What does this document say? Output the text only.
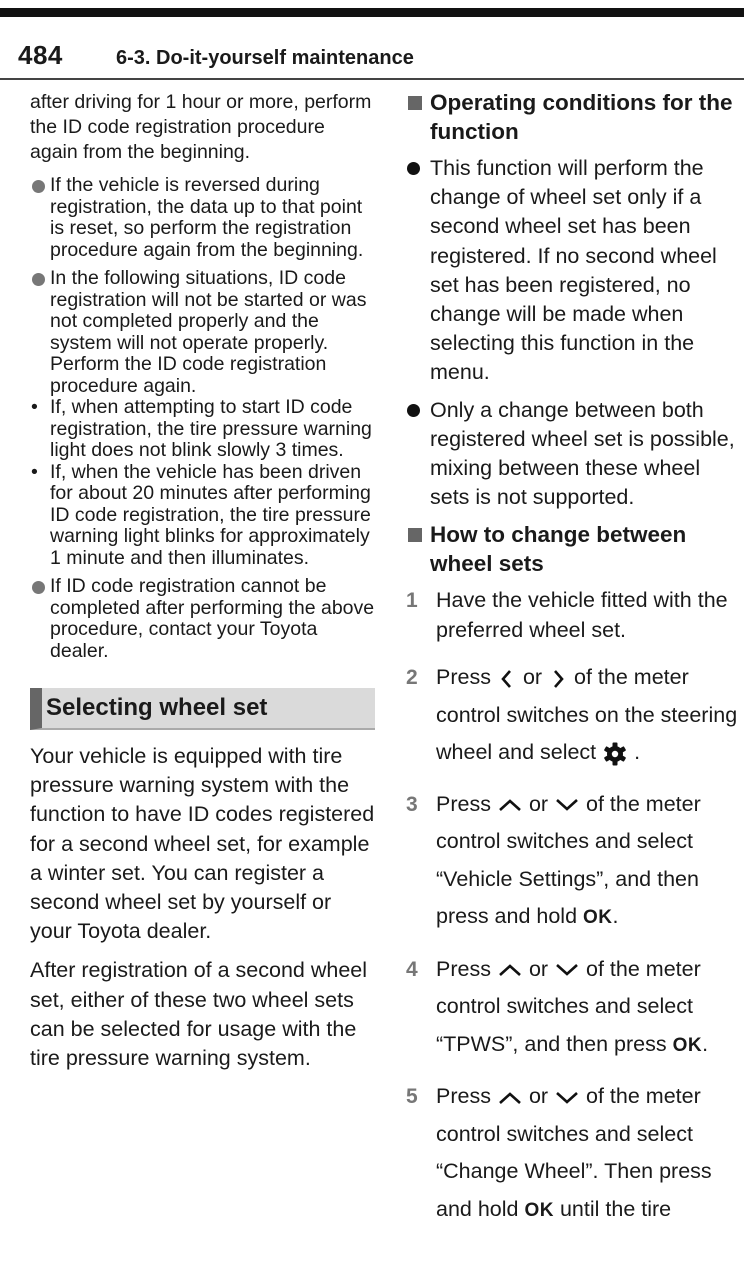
484	6-3. Do-it-yourself maintenance

after driving for 1 hour or more, perform the ID code registration procedure again from the beginning.

If the vehicle is reversed during registration, the data up to that point is reset, so perform the registration procedure again from the beginning.

In the following situations, ID code registration will not be started or was not completed properly and the system will not operate properly. Perform the ID code registration procedure again.

• If, when attempting to start ID code registration, the tire pressure warning light does not blink slowly 3 times.

• If, when the vehicle has been driven for about 20 minutes after performing ID code registration, the tire pressure warning light blinks for approximately 1 minute and then illuminates.

If ID code registration cannot be completed after performing the above procedure, contact your Toyota dealer.

Selecting wheel set

Your vehicle is equipped with tire pressure warning system with the function to have ID codes registered for a second wheel set, for example a winter set. You can register a second wheel set by yourself or your Toyota dealer.

After registration of a second wheel set, either of these two wheel sets can be selected for usage with the tire pressure warning system.

Operating conditions for the function
This function will perform the change of wheel set only if a second wheel set has been registered. If no second wheel set has been registered, no change will be made when selecting this function in the menu.
Only a change between both registered wheel set is possible, mixing between these wheel sets is not supported.
How to change between wheel sets
1 Have the vehicle fitted with the preferred wheel set.
2 Press or of the meter control switches on the steering wheel and select .
3 Press or of the meter control switches and select “Vehicle Settings”, and then press and hold OK.
4 Press or of the meter control switches and select “TPWS”, and then press OK.
5 Press or of the meter control switches and select “Change Wheel”. Then press and hold OK until the tire
